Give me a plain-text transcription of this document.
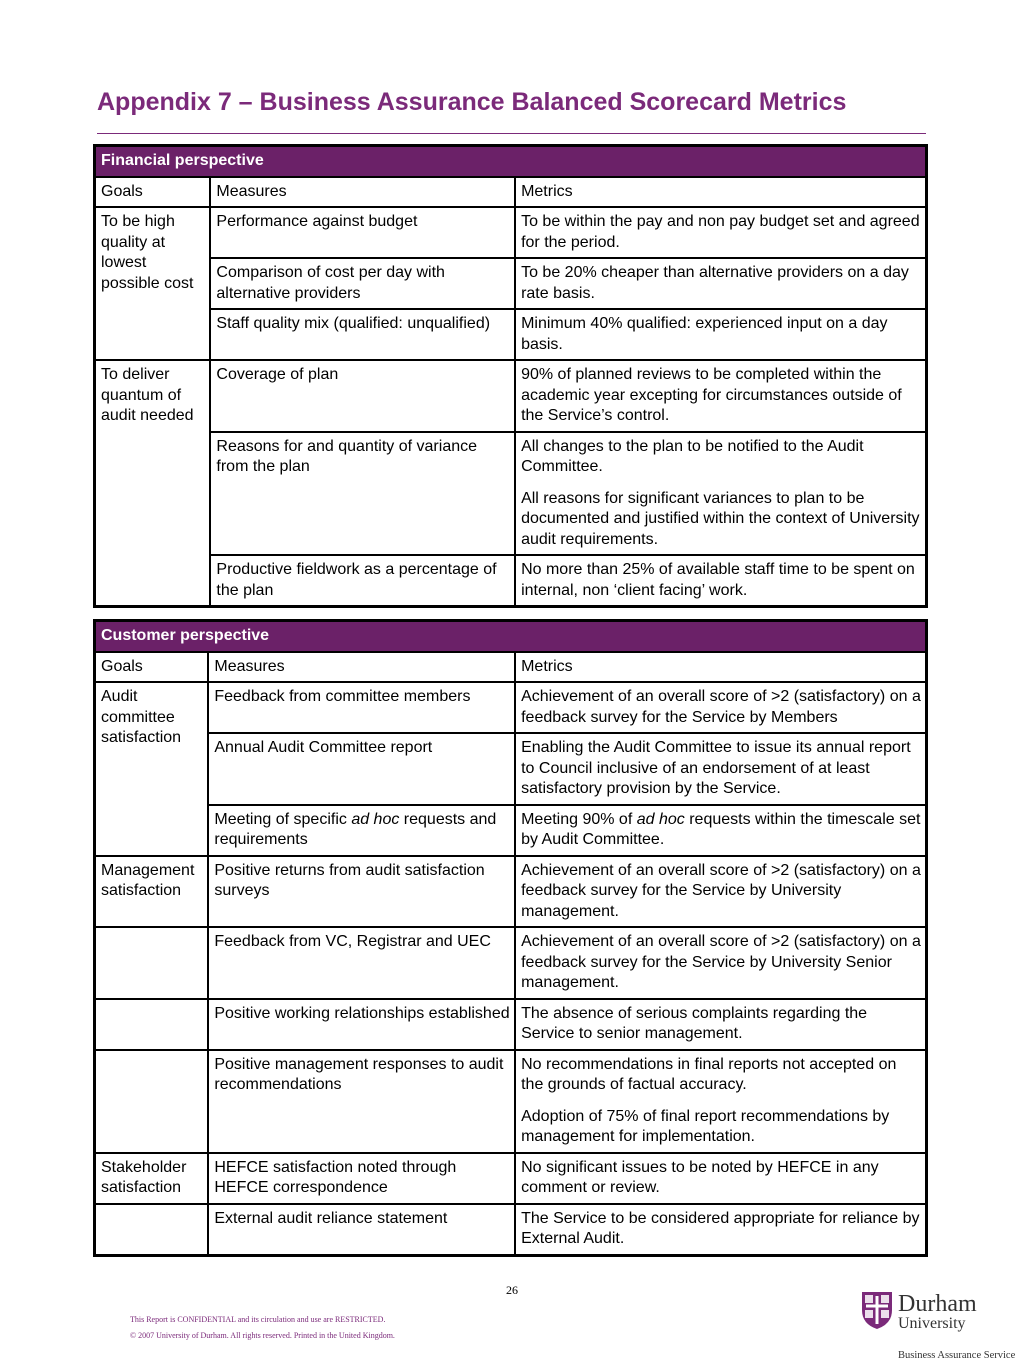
Appendix 7 – Business Assurance Balanced Scorecard Metrics
Financial perspective		

Goals	Measures	Metrics
To be high quality at lowest possible cost	Performance against budget	To be within the pay and non pay budget set and agreed for the period.
	Comparison of cost per day with alternative providers	To be 20% cheaper than alternative providers on a day rate basis.
	Staff quality mix (qualified: unqualified)	Minimum 40% qualified: experienced input on a day basis.
To deliver quantum of audit needed	Coverage of plan	90% of planned reviews to be completed within the academic year excepting for circumstances outside of the Service’s control.
	Reasons for and quantity of variance from the plan	All changes to the plan to be notified to the Audit Committee.

All reasons for significant variances to plan to be documented and justified within the context of University audit requirements.

	Productive fieldwork as a percentage of the plan	No more than 25% of available staff time to be spent on internal, non ‘client facing’ work.
Customer perspective		

Goals	Measures	Metrics
Audit committee satisfaction	Feedback from committee members	Achievement of an overall score of >2 (satisfactory) on a feedback survey for the Service by Members
	Annual Audit Committee report	Enabling the Audit Committee to issue its annual report to Council inclusive of an endorsement of at least satisfactory provision by the Service.
	Meeting of specific ad hoc requests and requirements	Meeting 90% of ad hoc requests within the timescale set by Audit Committee.
Management satisfaction	Positive returns from audit satisfaction surveys	Achievement of an overall score of >2 (satisfactory) on a feedback survey for the Service by University management.
	Feedback from VC, Registrar and UEC	Achievement of an overall score of >2 (satisfactory) on a feedback survey for the Service by University Senior management.
	Positive working relationships established	The absence of serious complaints regarding the Service to senior management.
	Positive management responses to audit recommendations	No recommendations in final reports not accepted on the grounds of factual accuracy.

Adoption of 75% of final report recommendations by management for implementation.

Stakeholder satisfaction	HEFCE satisfaction noted through HEFCE correspondence	No significant issues to be noted by HEFCE in any comment or review.
	External audit reliance statement	The Service to be considered appropriate for reliance by External Audit.
26
This Report is CONFIDENTIAL and its circulation and use are RESTRICTED.
© 2007 University of Durham. All rights reserved. Printed in the United Kingdom.
Durham
University
Business Assurance Service
